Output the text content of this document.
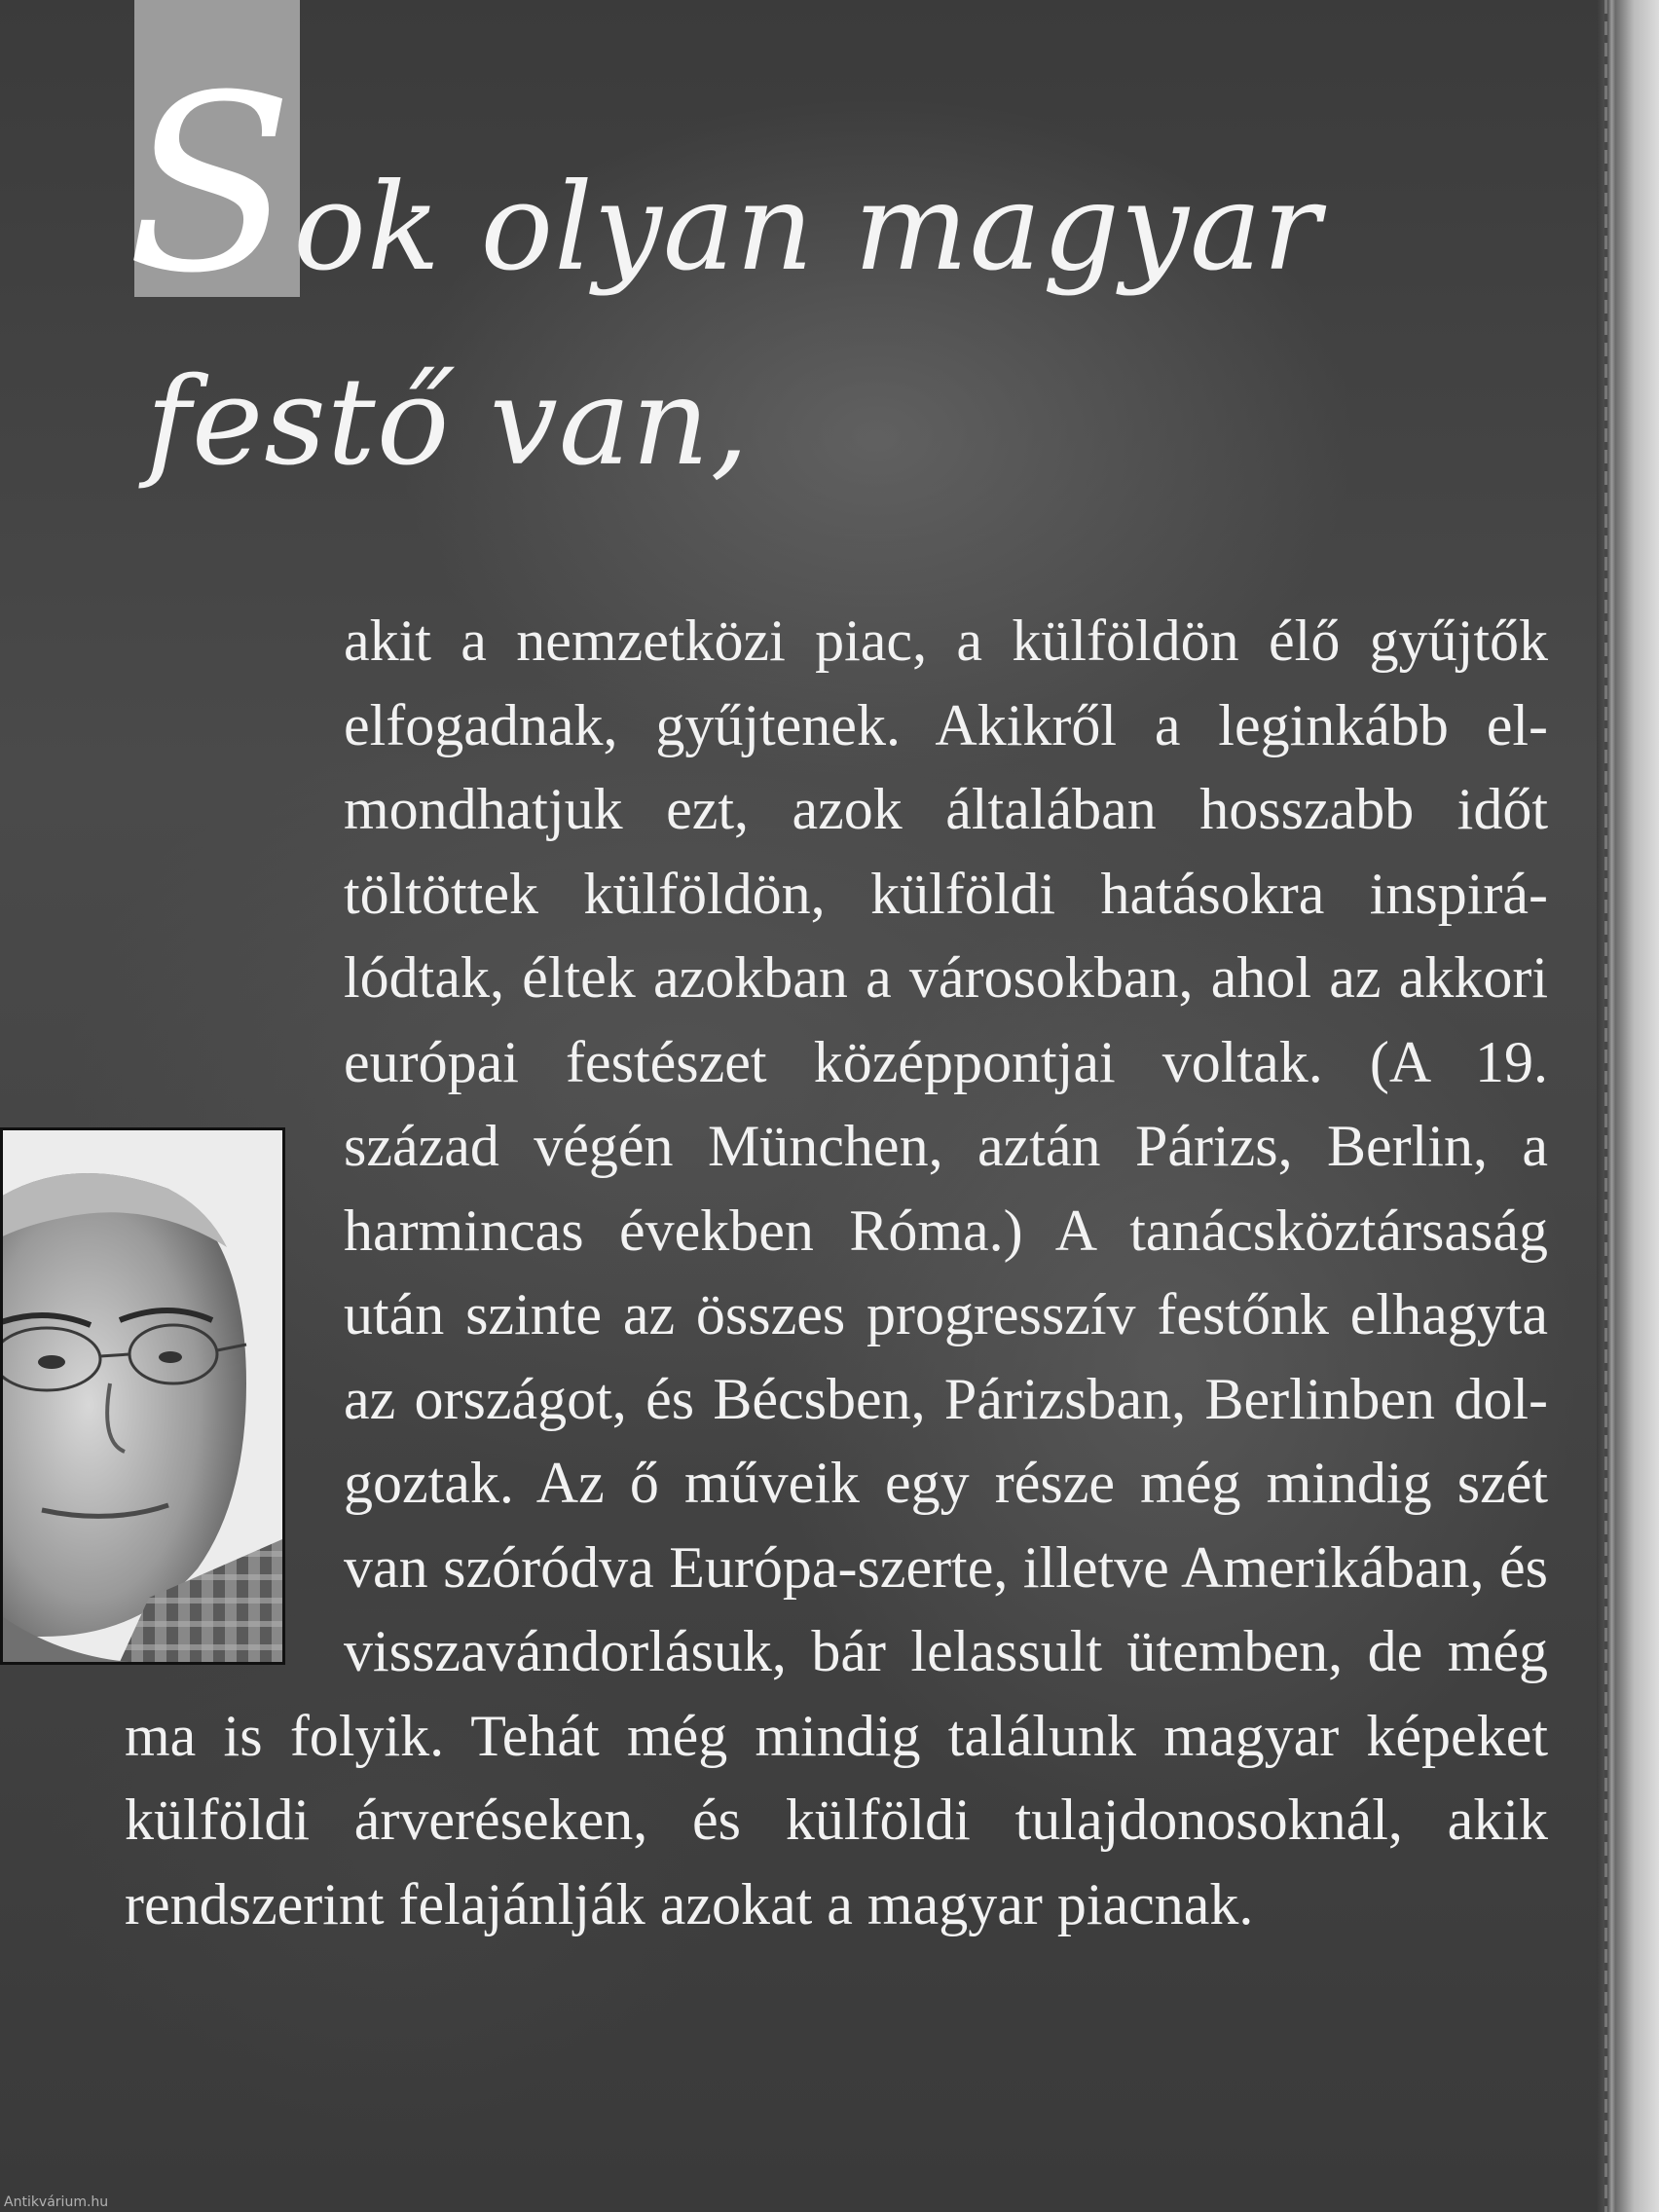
Sok olyan magyar
festő van,

akit a nemzetközi piac, a külföldön élő gyűjtők elfogadnak, gyűjtenek. Akikről a leginkább elmondhatjuk ezt, azok általában hosszabb időt töltöttek külföldön, külföldi hatásokra inspirálódtak, éltek azokban a városokban, ahol az akkori európai festészet középpontjai voltak. (A 19. század végén München, aztán Párizs, Berlin, a harmincas években Róma.) A tanácsköztársaság után szinte az összes progresszív festőnk elhagyta az országot, és Bécsben, Párizsban, Berlinben dolgoztak. Az ő műveik egy része még mindig szét van szóródva Európa-szerte, illetve Amerikában, és visszavándorlásuk, bár lelassult ütemben, de még ma is folyik. Tehát még mindig találunk magyar képeket külföldi árveréseken, és külföldi tulajdonosoknál, akik rendszerint felajánlják azokat a magyar piacnak.

Antikvárium.hu
